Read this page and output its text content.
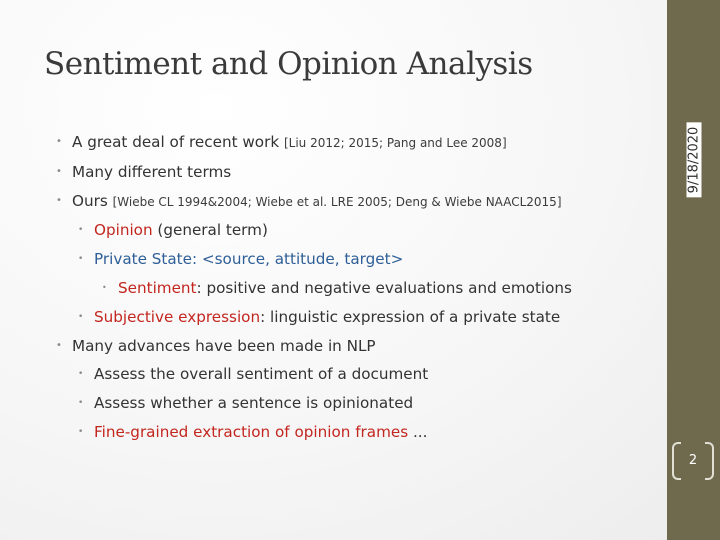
Sentiment and Opinion Analysis
9/18/2020
2
• A great deal of recent work [Liu 2012; 2015; Pang and Lee 2008]
• Many different terms
• Ours [Wiebe CL 1994&2004; Wiebe et al. LRE 2005; Deng & Wiebe NAACL2015]
• Opinion (general term)
• Private State: <source, attitude, target>
• Sentiment: positive and negative evaluations and emotions
• Subjective expression: linguistic expression of a private state
• Many advances have been made in NLP
• Assess the overall sentiment of a document
• Assess whether a sentence is opinionated
• Fine-grained extraction of opinion frames ...
